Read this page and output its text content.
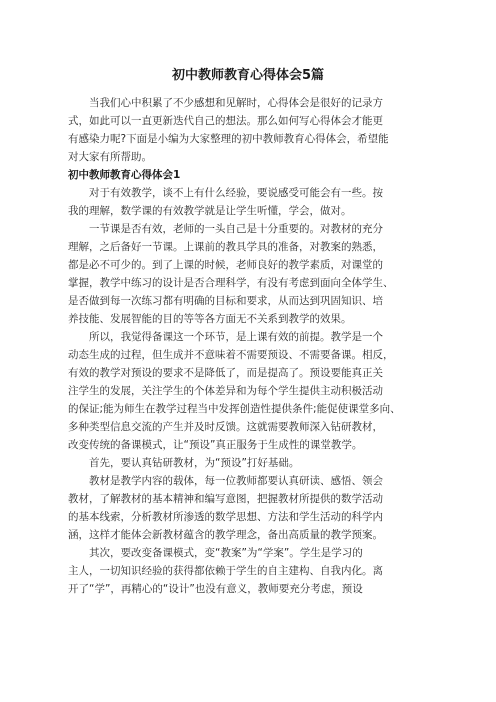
初中教师教育心得体会5篇
当我们心中积累了不少感想和见解时，心得体会是很好的记录方
式，如此可以一直更新迭代自己的想法。那么如何写心得体会才能更
有感染力呢?下面是小编为大家整理的初中教师教育心得体会，希望能
对大家有所帮助。
初中教师教育心得体会1
对于有效教学，谈不上有什么经验，要说感受可能会有一些。按
我的理解，数学课的有效教学就是让学生听懂，学会，做对。
一节课是否有效，老师的一头自己是十分重要的。对教材的充分
理解，之后备好一节课。上课前的教具学具的准备，对教案的熟悉，
都是必不可少的。到了上课的时候，老师良好的教学素质，对课堂的
掌握，教学中练习的设计是否合理科学，有没有考虑到面向全体学生、
是否做到每一次练习都有明确的目标和要求，从而达到巩固知识、培
养技能、发展智能的目的等等各方面无不关系到教学的效果。
所以，我觉得备课这一个环节，是上课有效的前提。教学是一个
动态生成的过程，但生成并不意味着不需要预设、不需要备课。相反，
有效的教学对预设的要求不是降低了，而是提高了。预设要能真正关
注学生的发展，关注学生的个体差异和为每个学生提供主动积极活动
的保证;能为师生在教学过程当中发挥创造性提供条件;能促使课堂多向、
多种类型信息交流的产生并及时反馈。这就需要教师深入钻研教材，
改变传统的备课模式，让“预设”真正服务于生成性的课堂教学。
首先，要认真钻研教材，为“预设”打好基础。
教材是教学内容的载体，每一位教师都要认真研读、感悟、领会
教材，了解教材的基本精神和编写意图，把握教材所提供的数学活动
的基本线索，分析教材所渗透的数学思想、方法和学生活动的科学内
涵，这样才能体会新教材蕴含的教学理念，备出高质量的教学预案。
其次，要改变备课模式，变“教案”为“学案”。学生是学习的
主人，一切知识经验的获得都依赖于学生的自主建构、自我内化。离
开了“学”，再精心的“设计”也没有意义，教师要充分考虑，预设
